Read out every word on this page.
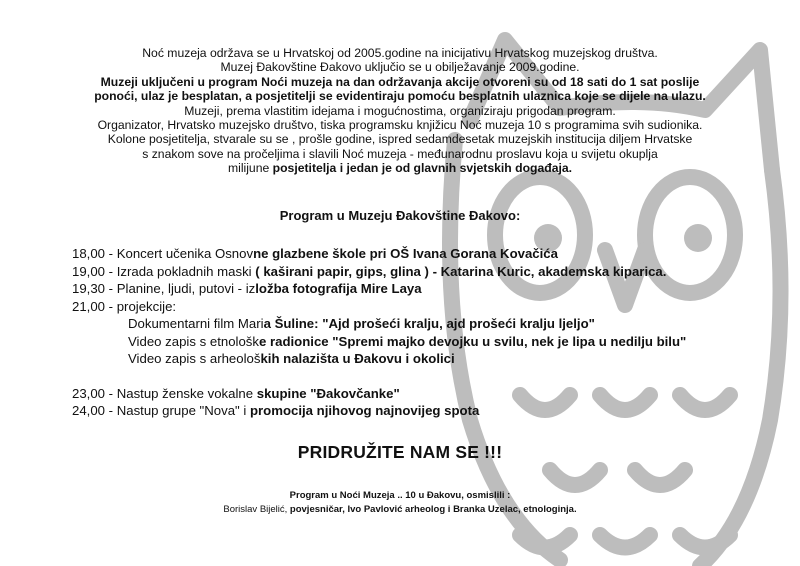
Noć muzeja održava se u Hrvatskoj od 2005.godine na inicijativu Hrvatskog muzejskog društva.
Muzej Đakovštine Đakovo uključio se u obilježavanje 2009.godine.
Muzeji uključeni u program Noći muzeja na dan održavanja akcije otvoreni su od 18 sati do 1 sat poslije
ponoći, ulaz je besplatan, a posjetitelji se evidentiraju pomoću besplatnih ulaznica koje se dijele na ulazu.
Muzeji, prema vlastitim idejama i mogućnostima, organiziraju prigodan program.
Organizator, Hrvatsko muzejsko društvo, tiska programsku knjižicu Noć muzeja 10 s programima svih sudionika.
Kolone posjetitelja, stvarale su se , prošle godine, ispred sedamdesetak muzejskih institucija diljem Hrvatske
s znakom sove na pročeljima i slavili Noć muzeja - međunarodnu proslavu koja u svijetu okuplja
milijune posjetitelja i jedan je od glavnih svjetskih događaja.
Program u Muzeju Đakovštine Đakovo:
18,00 - Koncert učenika Osnovne glazbene škole pri OŠ Ivana Gorana Kovačića
19,00 - Izrada pokladnih maski ( kaširani papir, gips, glina ) - Katarina Kuric, akademska kiparica.
19,30 - Planine, ljudi, putovi - izložba fotografija Mire Laya
21,00 - projekcije:
Dokumentarni film Maria Šuline: "Ajd prošeći kralju, ajd prošeći kralju ljeljo"
Video zapis s etnološke radionice "Spremi majko devojku u svilu, nek je lipa u nedilju bilu"
Video zapis s arheoloških nalazišta u Đakovu i okolici
23,00 - Nastup ženske vokalne skupine "Đakovčanke"
24,00 - Nastup grupe "Nova" i promocija njihovog najnovijeg spota
PRIDRUŽITE NAM SE !!!
Program u Noći Muzeja .. 10 u Đakovu, osmislili :
Borislav Bijelić, povjesničar, Ivo Pavlović arheolog i Branka Uzelac, etnologinja.
